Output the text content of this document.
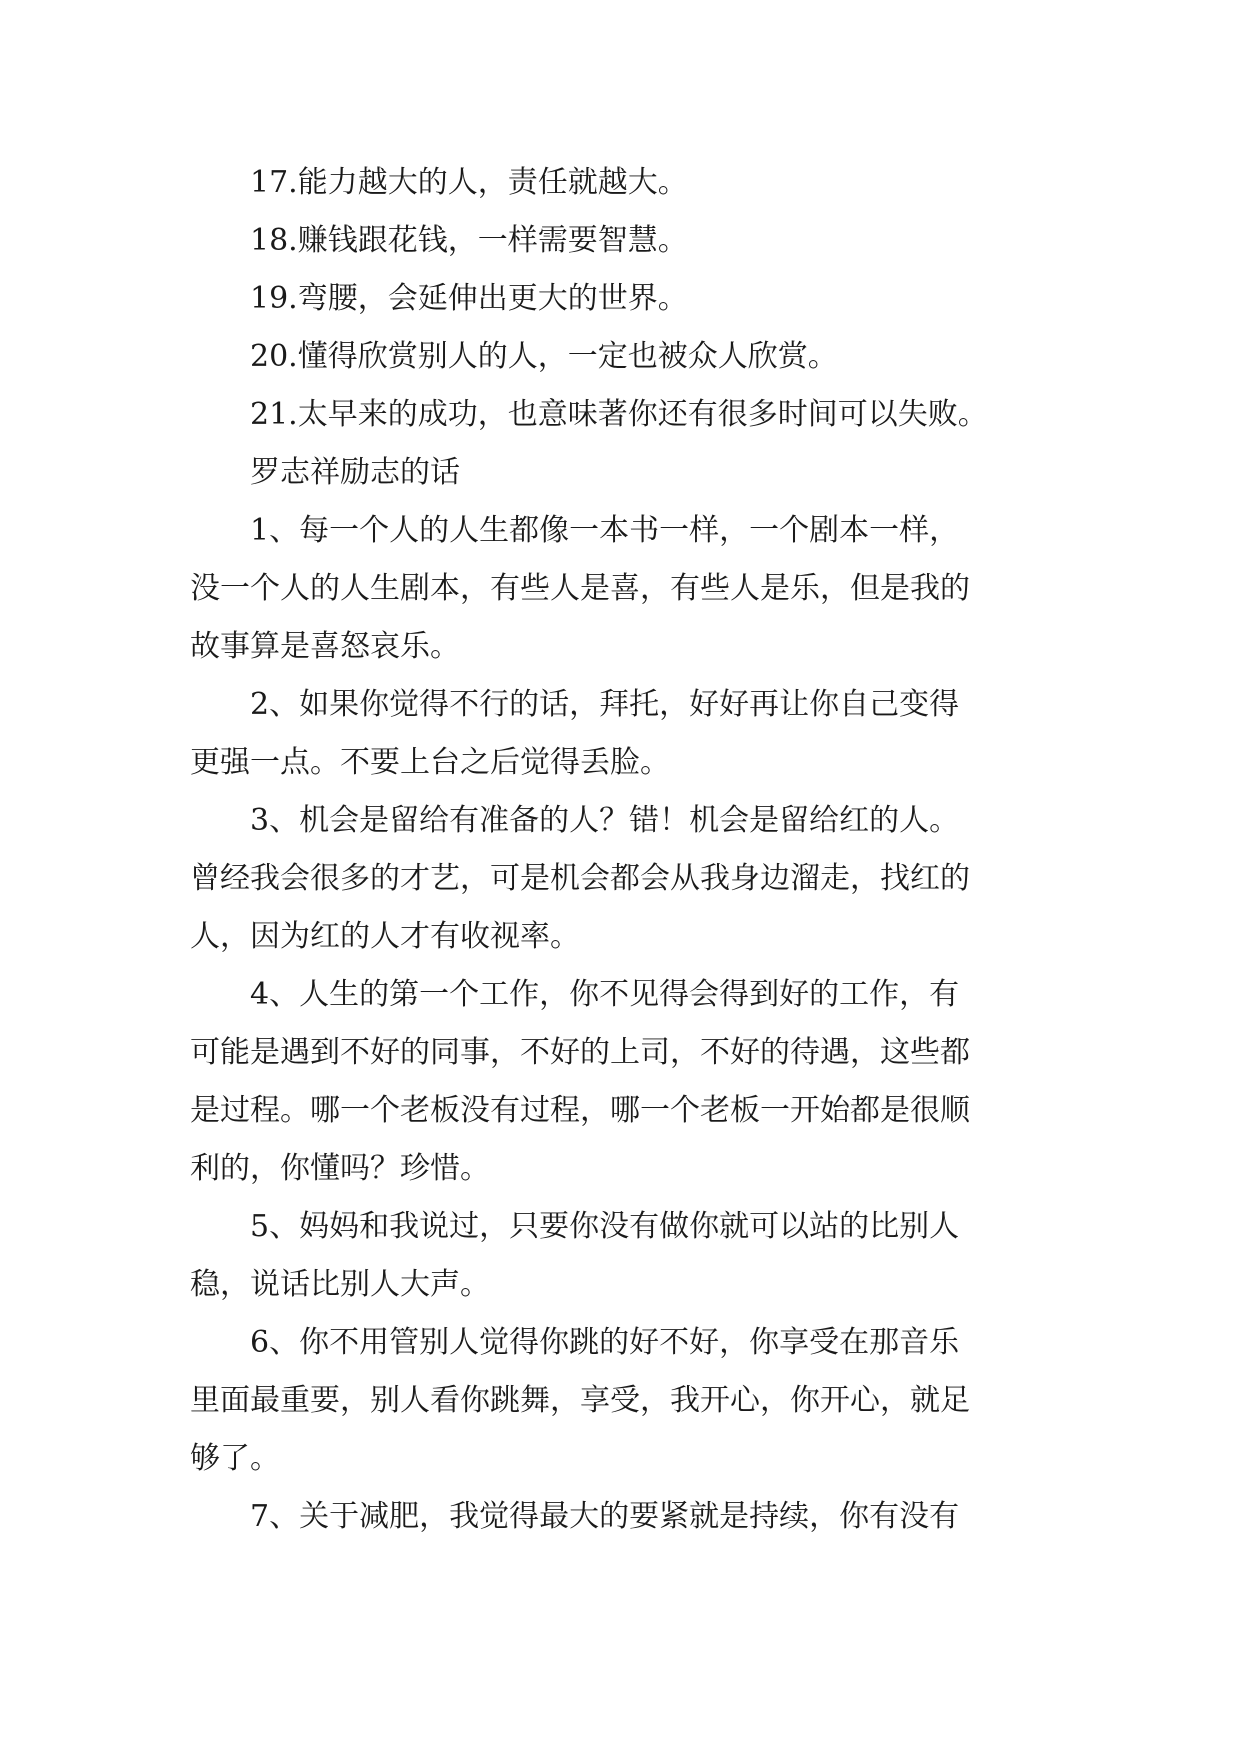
17.能力越大的人，责任就越大。

18.赚钱跟花钱，一样需要智慧。

19.弯腰，会延伸出更大的世界。

20.懂得欣赏别人的人，一定也被众人欣赏。

21.太早来的成功，也意味著你还有很多时间可以失败。

罗志祥励志的话

1、每一个人的人生都像一本书一样，一个剧本一样，
没一个人的人生剧本，有些人是喜，有些人是乐，但是我的
故事算是喜怒哀乐。
2、如果你觉得不行的话，拜托，好好再让你自己变得
更强一点。不要上台之后觉得丢脸。
3、机会是留给有准备的人？错！机会是留给红的人。
曾经我会很多的才艺，可是机会都会从我身边溜走，找红的
人，因为红的人才有收视率。
4、人生的第一个工作，你不见得会得到好的工作，有
可能是遇到不好的同事，不好的上司，不好的待遇，这些都
是过程。哪一个老板没有过程，哪一个老板一开始都是很顺
利的，你懂吗？珍惜。
5、妈妈和我说过，只要你没有做你就可以站的比别人
稳，说话比别人大声。
6、你不用管别人觉得你跳的好不好，你享受在那音乐
里面最重要，别人看你跳舞，享受，我开心，你开心，就足
够了。
7、关于减肥，我觉得最大的要紧就是持续，你有没有
